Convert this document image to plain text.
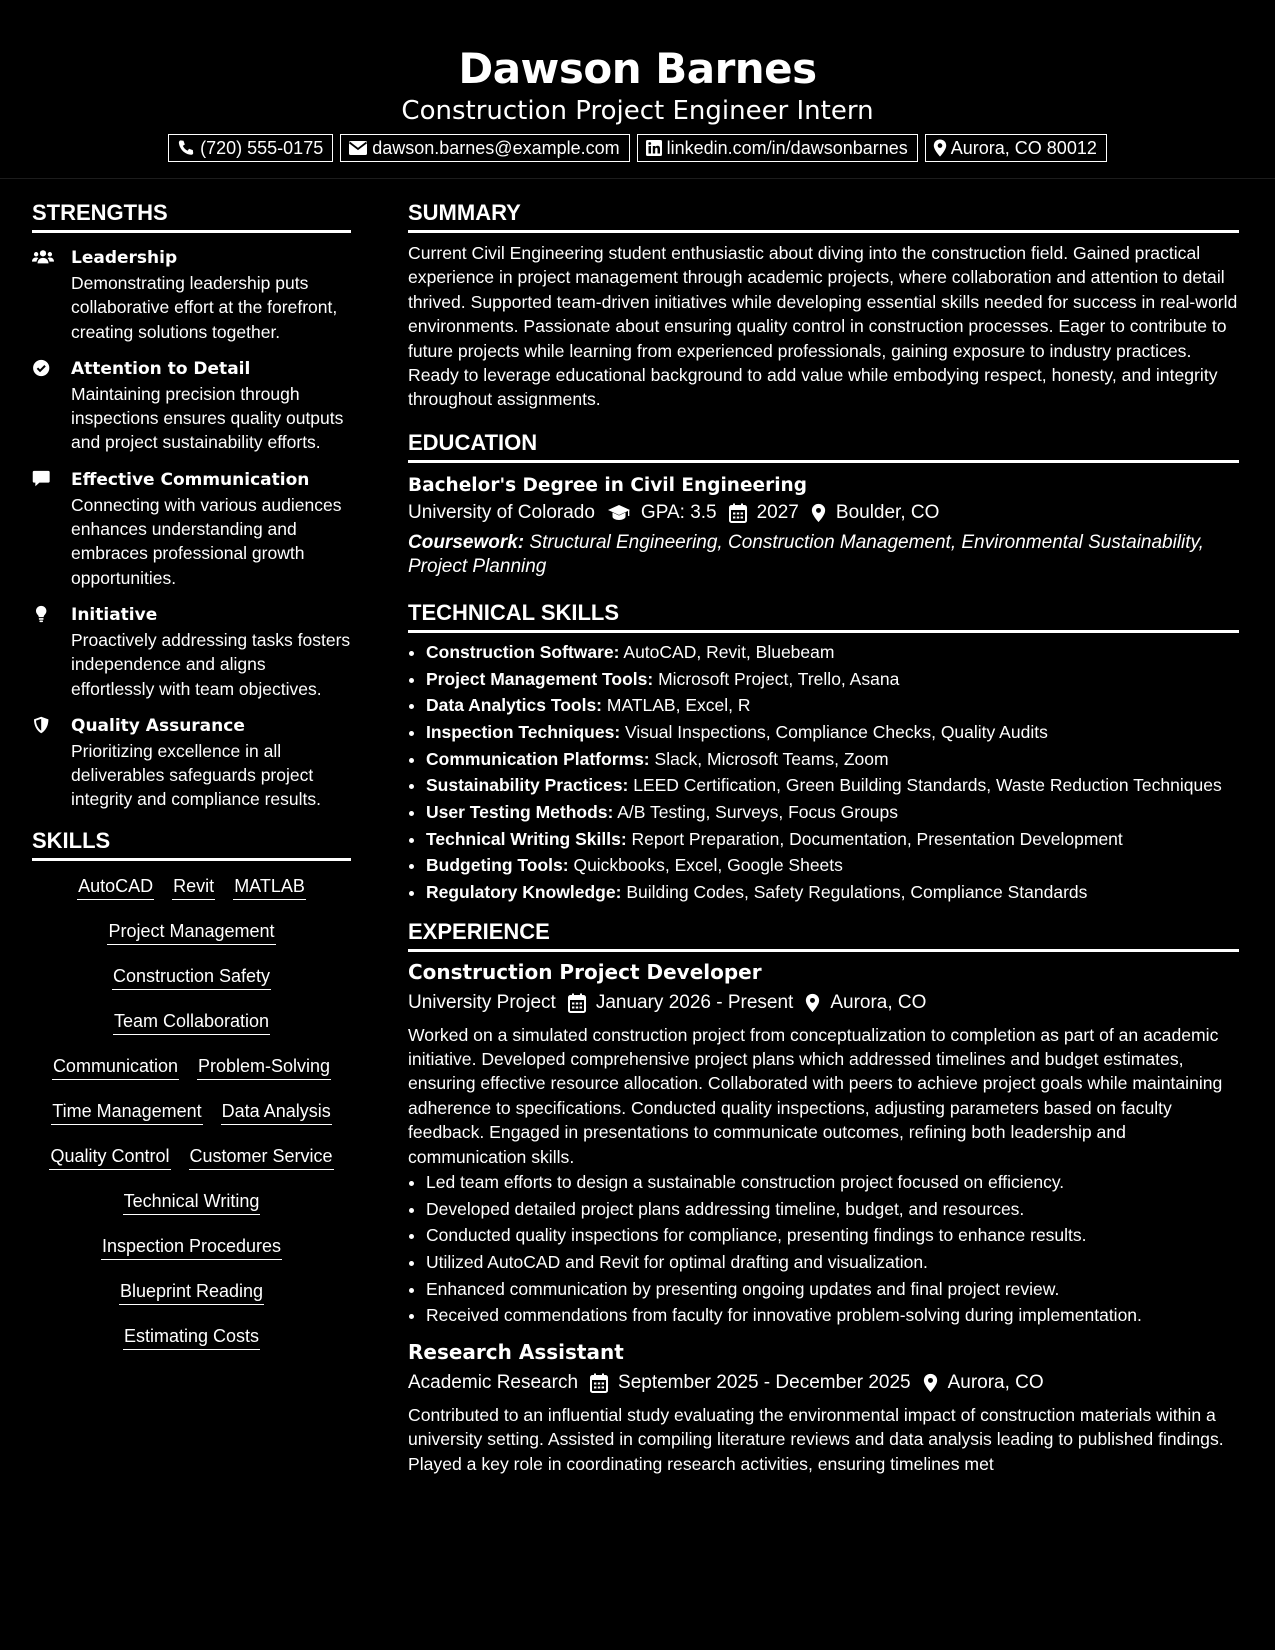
Dawson Barnes
Construction Project Engineer Intern
(720) 555-0175	dawson.barnes@example.com	linkedin.com/in/dawsonbarnes Aurora, CO 80012
STRENGTHS
Leadership
Demonstrating leadership puts collaborative effort at the forefront, creating solutions together.
Attention to Detail
Maintaining precision through inspections ensures quality outputs and project sustainability efforts.
Effective Communication
Connecting with various audiences enhances understanding and embraces professional growth opportunities.
Initiative
Proactively addressing tasks fosters independence and aligns effortlessly with team objectives.
Quality Assurance
Prioritizing excellence in all deliverables safeguards project integrity and compliance results.
SKILLS
AutoCAD Revit MATLAB
Project Management
Construction Safety
Team Collaboration
Communication Problem-Solving
Time Management Data Analysis
Quality Control Customer Service
Technical Writing
Inspection Procedures
Blueprint Reading
Estimating Costs
SUMMARY
Current Civil Engineering student enthusiastic about diving into the construction field. Gained practical experience in project management through academic projects, where collaboration and attention to detail thrived. Supported team-driven initiatives while developing essential skills needed for success in real-world environments. Passionate about ensuring quality control in construction processes. Eager to contribute to future projects while learning from experienced professionals, gaining exposure to industry practices. Ready to leverage educational background to add value while embodying respect, honesty, and integrity throughout assignments.
EDUCATION
Bachelor's Degree in Civil Engineering
University of Colorado GPA: 3.5 2027 Boulder, CO
Coursework: Structural Engineering, Construction Management, Environmental Sustainability, Project Planning
TECHNICAL SKILLS
• Construction Software: AutoCAD, Revit, Bluebeam
• Project Management Tools: Microsoft Project, Trello, Asana
• Data Analytics Tools: MATLAB, Excel, R
• Inspection Techniques: Visual Inspections, Compliance Checks, Quality Audits
• Communication Platforms: Slack, Microsoft Teams, Zoom
• Sustainability Practices: LEED Certification, Green Building Standards, Waste Reduction Techniques
• User Testing Methods: A/B Testing, Surveys, Focus Groups
• Technical Writing Skills: Report Preparation, Documentation, Presentation Development
• Budgeting Tools: Quickbooks, Excel, Google Sheets
• Regulatory Knowledge: Building Codes, Safety Regulations, Compliance Standards
EXPERIENCE
Construction Project Developer
University Project January 2026 - Present Aurora, CO
Worked on a simulated construction project from conceptualization to completion as part of an academic initiative. Developed comprehensive project plans which addressed timelines and budget estimates, ensuring effective resource allocation. Collaborated with peers to achieve project goals while maintaining adherence to specifications. Conducted quality inspections, adjusting parameters based on faculty feedback. Engaged in presentations to communicate outcomes, refining both leadership and communication skills.
• Led team efforts to design a sustainable construction project focused on efficiency.
• Developed detailed project plans addressing timeline, budget, and resources.
• Conducted quality inspections for compliance, presenting findings to enhance results.
• Utilized AutoCAD and Revit for optimal drafting and visualization.
• Enhanced communication by presenting ongoing updates and final project review.
• Received commendations from faculty for innovative problem-solving during implementation.
Research Assistant
Academic Research September 2025 - December 2025 Aurora, CO
Contributed to an influential study evaluating the environmental impact of construction materials within a university setting. Assisted in compiling literature reviews and data analysis leading to published findings. Played a key role in coordinating research activities, ensuring timelines met
